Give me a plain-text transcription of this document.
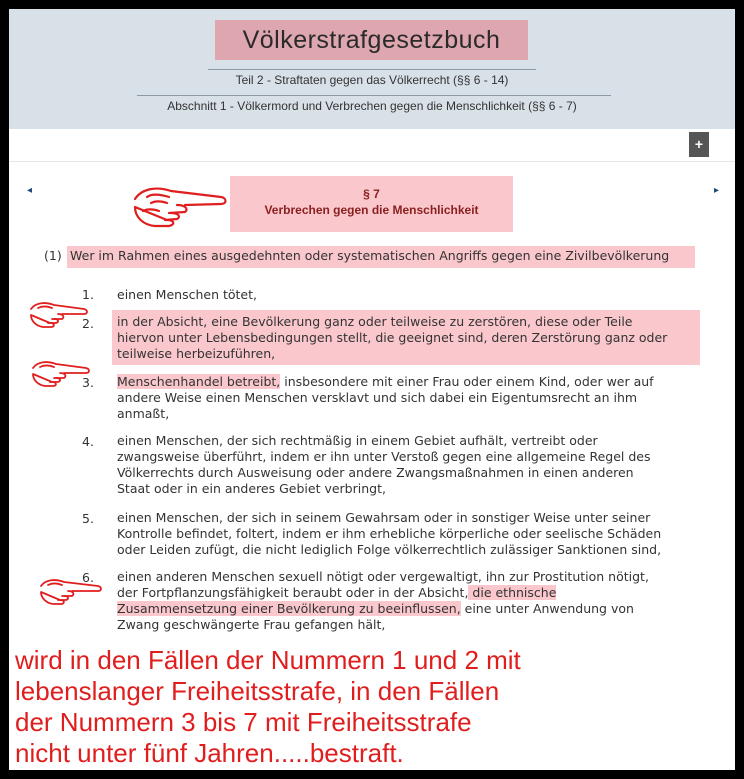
Völkerstrafgesetzbuch
Teil 2 - Straftaten gegen das Völkerrecht (§§ 6 - 14)
Abschnitt 1 - Völkermord und Verbrechen gegen die Menschlichkeit (§§ 6 - 7)
+
◂	▸
§ 7
Verbrechen gegen die Menschlichkeit
(1) Wer im Rahmen eines ausgedehnten oder systematischen Angriffs gegen eine Zivilbevölkerung
1. einen Menschen tötet,
2. in der Absicht, eine Bevölkerung ganz oder teilweise zu zerstören, diese oder Teile
hiervon unter Lebensbedingungen stellt, die geeignet sind, deren Zerstörung ganz oder
teilweise herbeizuführen,
3. Menschenhandel betreibt, insbesondere mit einer Frau oder einem Kind, oder wer auf
andere Weise einen Menschen versklavt und sich dabei ein Eigentumsrecht an ihm
anmaßt,
4. einen Menschen, der sich rechtmäßig in einem Gebiet aufhält, vertreibt oder
zwangsweise überführt, indem er ihn unter Verstoß gegen eine allgemeine Regel des
Völkerrechts durch Ausweisung oder andere Zwangsmaßnahmen in einen anderen
Staat oder in ein anderes Gebiet verbringt,
5. einen Menschen, der sich in seinem Gewahrsam oder in sonstiger Weise unter seiner
Kontrolle befindet, foltert, indem er ihm erhebliche körperliche oder seelische Schäden
oder Leiden zufügt, die nicht lediglich Folge völkerrechtlich zulässiger Sanktionen sind,
6. einen anderen Menschen sexuell nötigt oder vergewaltigt, ihn zur Prostitution nötigt,
der Fortpflanzungsfähigkeit beraubt oder in der Absicht, die ethnische
Zusammensetzung einer Bevölkerung zu beeinflussen, eine unter Anwendung von
Zwang geschwängerte Frau gefangen hält,
wird in den Fällen der Nummern 1 und 2 mit
lebenslanger Freiheitsstrafe, in den Fällen
der Nummern 3 bis 7 mit Freiheitsstrafe
nicht unter fünf Jahren.....bestraft.
